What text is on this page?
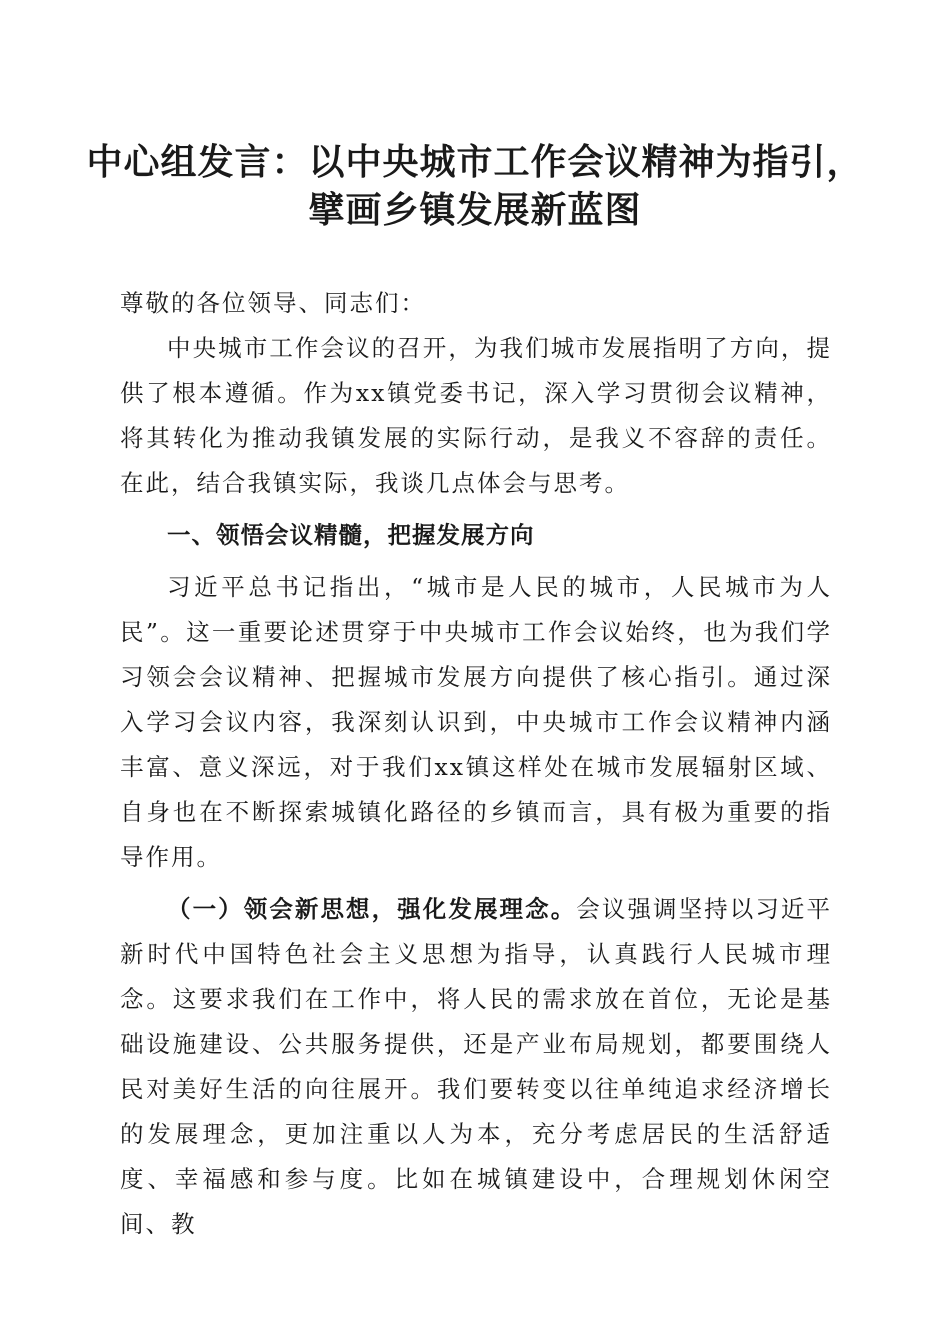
中心组发言：以中央城市工作会议精神为指引，
擘画乡镇发展新蓝图

尊敬的各位领导、同志们：

中央城市工作会议的召开，为我们城市发展指明了方向，提供了根本遵循。作为xx镇党委书记，深入学习贯彻会议精神，将其转化为推动我镇发展的实际行动，是我义不容辞的责任。在此，结合我镇实际，我谈几点体会与思考。

一、领悟会议精髓，把握发展方向

习近平总书记指出，“城市是人民的城市，人民城市为人民”。这一重要论述贯穿于中央城市工作会议始终，也为我们学习领会会议精神、把握城市发展方向提供了核心指引。通过深入学习会议内容，我深刻认识到，中央城市工作会议精神内涵丰富、意义深远，对于我们xx镇这样处在城市发展辐射区域、自身也在不断探索城镇化路径的乡镇而言，具有极为重要的指导作用。

（一）领会新思想，强化发展理念。会议强调坚持以习近平新时代中国特色社会主义思想为指导，认真践行人民城市理念。这要求我们在工作中，将人民的需求放在首位，无论是基础设施建设、公共服务提供，还是产业布局规划，都要围绕人民对美好生活的向往展开。我们要转变以往单纯追求经济增长的发展理念，更加注重以人为本，充分考虑居民的生活舒适度、幸福感和参与度。比如在城镇建设中，合理规划休闲空间、教
